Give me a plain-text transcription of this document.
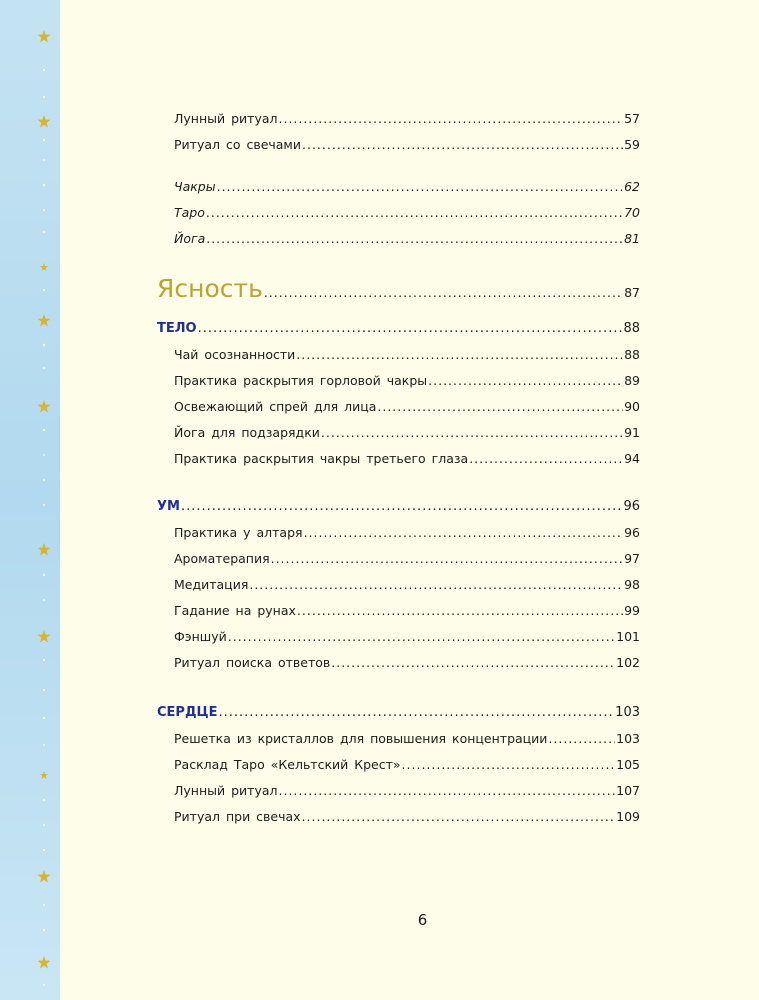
Лунный ритуал .....	57
Ритуал со свечами .....	59
Чакры .....	62
Таро .....	70
Йога .....	81
Ясность .....	87
ТЕЛО .....	88
Чай осознанности .....	88
Практика раскрытия горловой чакры .....	89
Освежающий спрей для лица .....	90
Йога для подзарядки .....	91
Практика раскрытия чакры третьего глаза .....	94
УМ .....	96
Практика у алтаря .....	96
Ароматерапия .....	97
Медитация .....	98
Гадание на рунах .....	99
Фэншуй .....	101
Ритуал поиска ответов .....	102
СЕРДЦЕ .....	103
Решетка из кристаллов для повышения концентрации .....	103
Расклад Таро «Кельтский Крест» .....	105
Лунный ритуал .....	107
Ритуал при свечах .....	109
6
